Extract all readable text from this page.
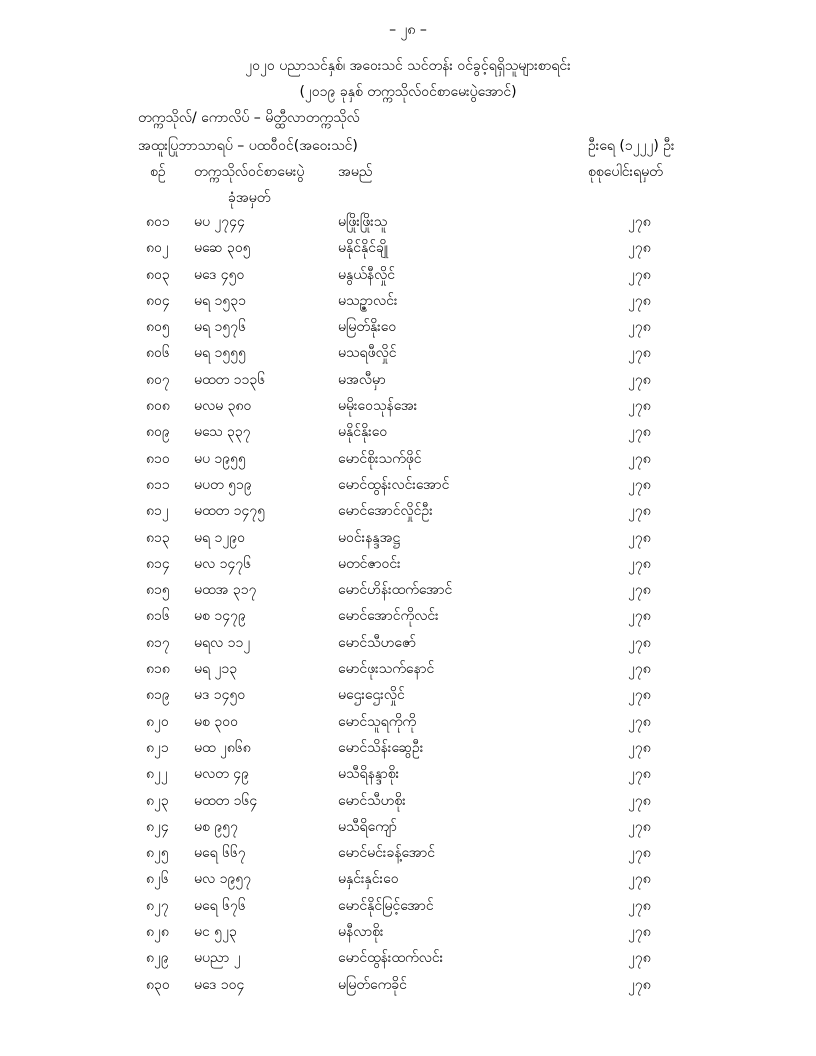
– ၂၈ –
၂၀၂၀ ပညာသင်နှစ်၊ အဝေးသင် သင်တန်း ဝင်ခွင့်ရရှိသူများစာရင်း
(၂၀၁၉ ခုနှစ် တက္ကသိုလ်ဝင်စာမေးပွဲအောင်)
တက္ကသိုလ်/ ကောလိပ် – မိတ္ထီလာတက္ကသိုလ်
အထူးပြုဘာသာရပ် – ပထဝီဝင်(အဝေးသင်)	ဦးရေ (၁၂၂၂) ဦး
စဉ် တက္ကသိုလ်ဝင်စာမေးပွဲ အမည်	စုစုပေါင်းရမှတ်
ခုံအမှတ်
၈၀၁ မပ ၂၇၄၄	မဖြိုးဖြိုးသူ	၂၇၈
၈၀၂ မဆေ ၃၀၅	မနိုင်နိုင်ချို	၂၇၈
၈၀၃ မဒေ ၄၅၀	မနွယ်နီလှိုင်	၂၇၈
၈၀၄ မရ ၁၅၃၁	မသဉ္ဇာလင်း	၂၇၈
၈၀၅ မရ ၁၅၇၆	မမြတ်နိုးဝေ	၂၇၈
၈၀၆ မရ ၁၅၅၅	မသရဖီလှိုင်	၂၇၈
၈၀၇ မထတ ၁၁၃၆	မအလီမှာ	၂၇၈
၈၀၈ မလမ ၃၈၀	မမိုးဝေသုန်အေး	၂၇၈
၈၀၉ မသေ ၃၃၇	မနိုင်နိုးဝေ	၂၇၈
၈၁၀ မပ ၁၉၅၅	မောင်စိုးသက်ဖိုင်	၂၇၈
၈၁၁ မပတ ၅၁၉	မောင်ထွန်းလင်းအောင်	၂၇၈
၈၁၂ မထတ ၁၄၇၅	မောင်အောင်လှိုင်ဦး	၂၇၈
၈၁၃ မရ ၁၂၉၀	မဝင်းနန္ဒအဋ္ဌ	၂၇၈
၈၁၄ မလ ၁၄၇၆	မတင်ဇာဝင်း	၂၇၈
၈၁၅ မထအ ၃၁၇	မောင်ဟိန်းထက်အောင်	၂၇၈
၈၁၆ မစ ၁၄၇၉	မောင်အောင်ကိုလင်း	၂၇၈
၈၁၇ မရလ ၁၁၂	မောင်သီဟဇော်	၂၇၈
၈၁၈ မရ ၂၁၃	မောင်ဖုးသက်နောင်	၂၇၈
၈၁၉ မဒ ၁၄၅၀	မဌေးဌေးလှိုင်	၂၇၈
၈၂၀ မစ ၃၀၀	မောင်သူရကိုကို	၂၇၈
၈၂၁ မထ ၂၈၆၈	မောင်သိန်းဆွေဦး	၂၇၈
၈၂၂ မလတ ၄၉	မသီရိနန္ဒာစိုး	၂၇၈
၈၂၃ မထတ ၁၆၄	မောင်သီဟစိုး	၂၇၈
၈၂၄ မစ ၉၅၇	မသီရိကျော်	၂၇၈
၈၂၅ မရေ ၆၆၇	မောင်မင်းခန့်အောင်	၂၇၈
၈၂၆ မလ ၁၉၅၇	မနှင်းနှင်းဝေ	၂၇၈
၈၂၇ မရေ ၆၇၆	မောင်နိုင်မြင့်အောင်	၂၇၈
၈၂၈ မင ၅၂၃	မနီလာစိုး	၂၇၈
၈၂၉ မပညာ ၂	မောင်ထွန်းထက်လင်း	၂၇၈
၈၃၀ မဒေ ၁၀၄	မမြတ်ကေခိုင်	၂၇၈
